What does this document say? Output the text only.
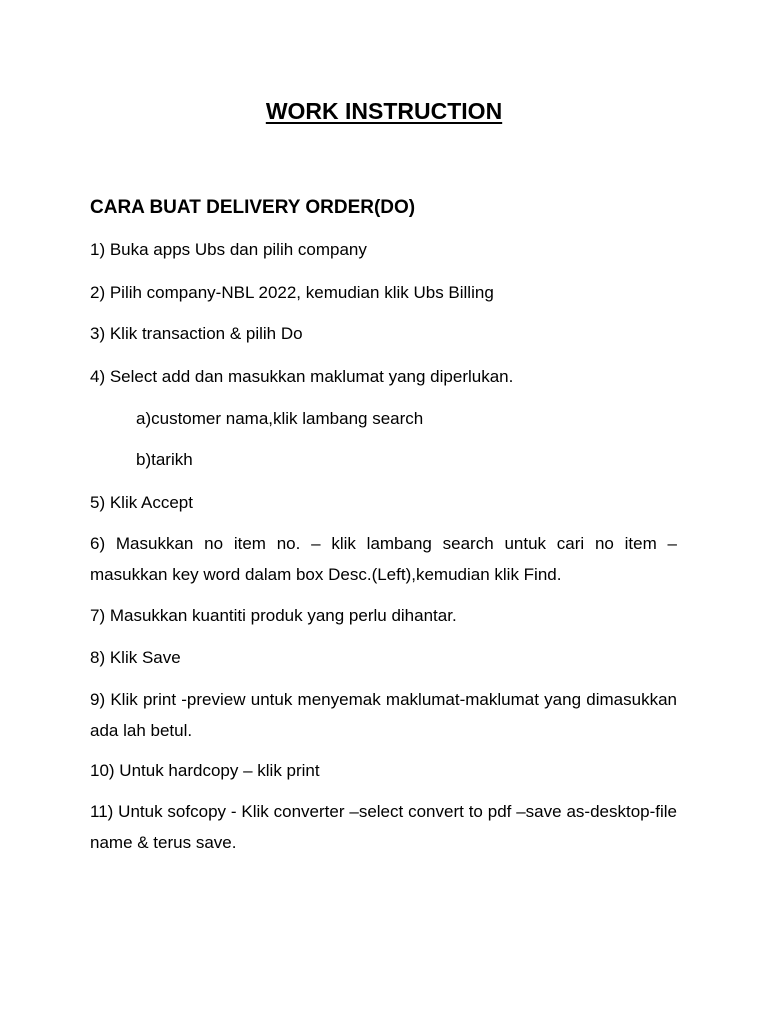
WORK INSTRUCTION
CARA BUAT DELIVERY ORDER(DO)
1) Buka apps Ubs dan pilih company
2) Pilih company-NBL 2022, kemudian klik Ubs Billing
3) Klik transaction & pilih Do
4) Select add dan masukkan maklumat yang diperlukan.
a)customer nama,klik lambang search
b)tarikh
5) Klik Accept
6) Masukkan no item no. – klik lambang search untuk cari no item – masukkan key word dalam box Desc.(Left),kemudian klik Find.
7) Masukkan kuantiti produk yang perlu dihantar.
8) Klik Save
9) Klik print -preview untuk menyemak maklumat-maklumat yang dimasukkan ada lah betul.
10) Untuk hardcopy – klik print
11) Untuk sofcopy - Klik converter –select convert to pdf –save as-desktop-file name & terus save.
